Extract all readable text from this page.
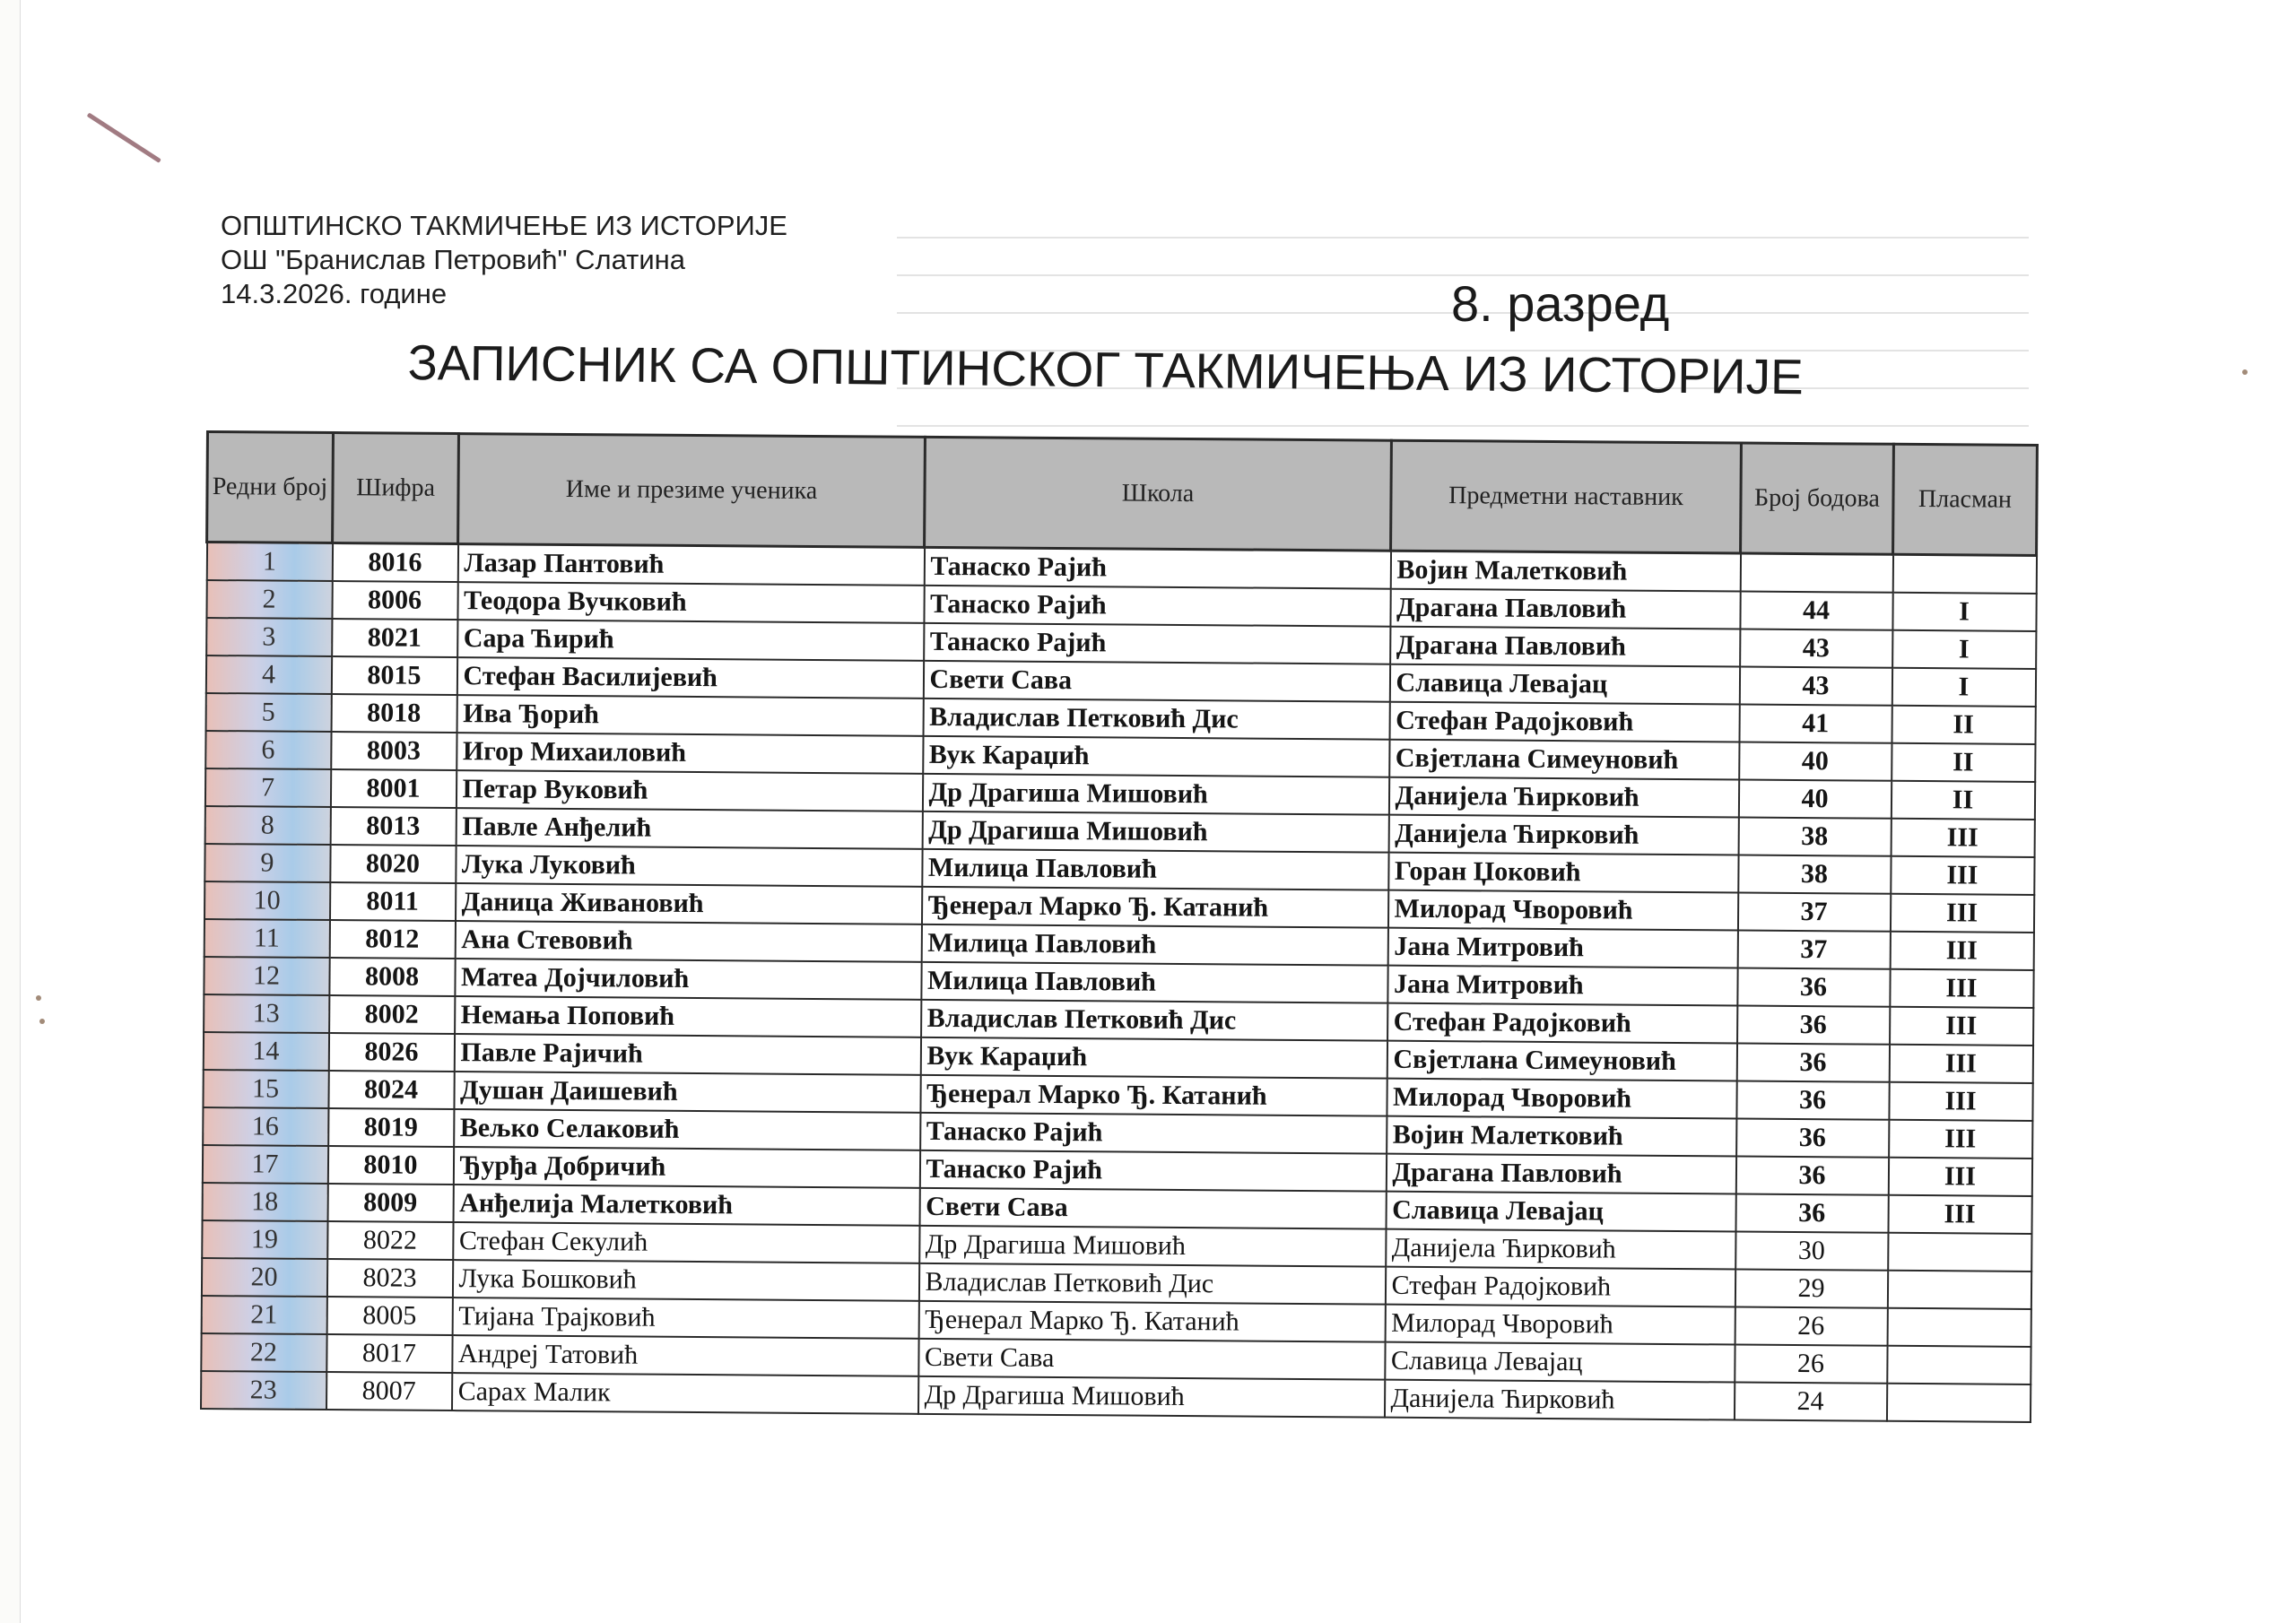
ОПШТИНСКО ТАКМИЧЕЊЕ ИЗ ИСТОРИЈЕ
ОШ "Бранислав Петровић" Слатина
14.3.2026. године	8. разред
ЗАПИСНИК СА ОПШТИНСКОГ ТАКМИЧЕЊА ИЗ ИСТОРИЈЕ
Редни број	Шифра	Име и презиме ученика	Школа	Предметни наставник	Број бодова	Пласман
1	8016	Лазар Пантовић	Танаско Рајић	Војин Малетковић		
2	8006	Теодора Вучковић	Танаско Рајић	Драгана Павловић	44	I
3	8021	Сара Ћирић	Танаско Рајић	Драгана Павловић	43	I
4	8015	Стефан Василијевић	Свети Сава	Славица Левајац	43	I
5	8018	Ива Ђорић	Владислав Петковић Дис	Стефан Радојковић	41	II
6	8003	Игор Михаиловић	Вук Караџић	Свјетлана Симеуновић	40	II
7	8001	Петар Вуковић	Др Драгиша Мишовић	Данијела Ћирковић	40	II
8	8013	Павле Анђелић	Др Драгиша Мишовић	Данијела Ћирковић	38	III
9	8020	Лука Луковић	Милица Павловић	Горан Џоковић	38	III
10	8011	Даница Живановић	Ђенерал Марко Ђ. Катанић	Милорад Чворовић	37	III
11	8012	Ана Стевовић	Милица Павловић	Јана Митровић	37	III
12	8008	Матеа Дојчиловић	Милица Павловић	Јана Митровић	36	III
13	8002	Немања Поповић	Владислав Петковић Дис	Стефан Радојковић	36	III
14	8026	Павле Рајичић	Вук Караџић	Свјетлана Симеуновић	36	III
15	8024	Душан Даишевић	Ђенерал Марко Ђ. Катанић	Милорад Чворовић	36	III
16	8019	Вељко Селаковић	Танаско Рајић	Војин Малетковић	36	III
17	8010	Ђурђа Добричић	Танаско Рајић	Драгана Павловић	36	III
18	8009	Анђелија Малетковић	Свети Сава	Славица Левајац	36	III
19	8022	Стефан Секулић	Др Драгиша Мишовић	Данијела Ћирковић	30	
20	8023	Лука Бошковић	Владислав Петковић Дис	Стефан Радојковић	29	
21	8005	Тијана Трајковић	Ђенерал Марко Ђ. Катанић	Милорад Чворовић	26	
22	8017	Андреј Татовић	Свети Сава	Славица Левајац	26	
23	8007	Сарах Малик	Др Драгиша Мишовић	Данијела Ћирковић	24	
